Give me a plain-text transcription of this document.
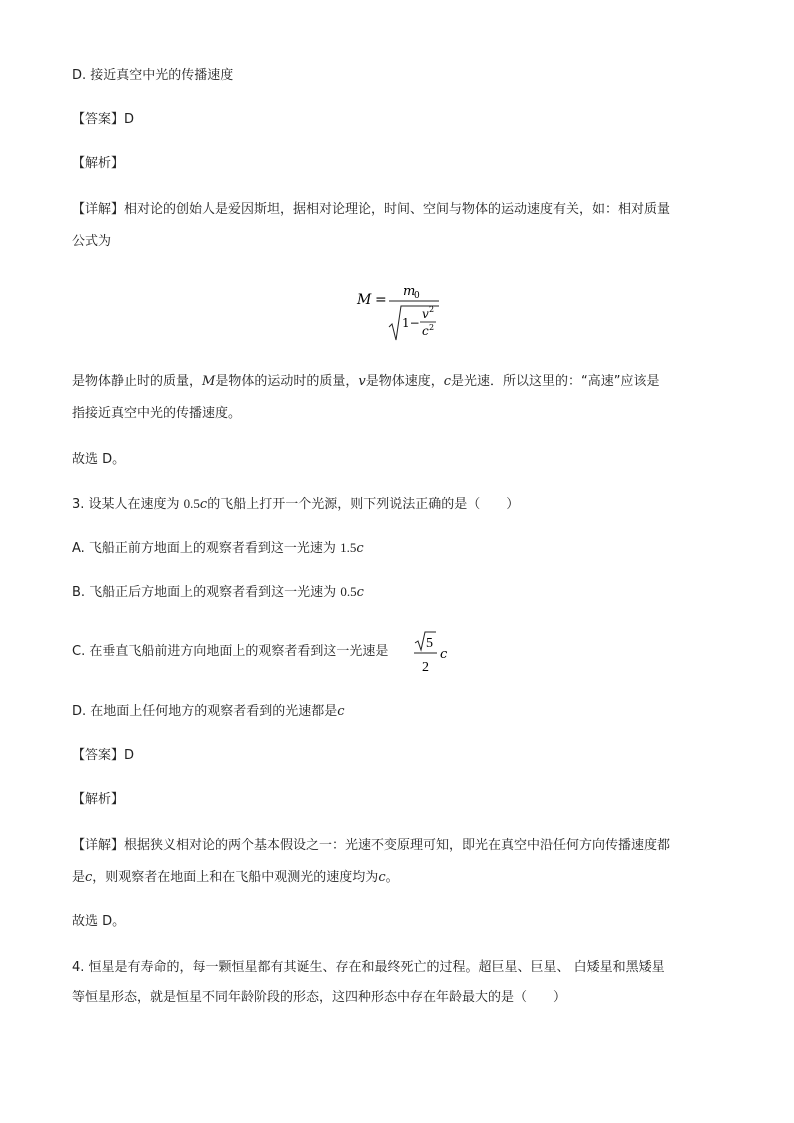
D. 接近真空中光的传播速度
【答案】D
【解析】
【详解】相对论的创始人是爱因斯坦，据相对论理论，时间、空间与物体的运动速度有关，如：相对质量
公式为
M =
m
0
1−
v 2
c 2
是物体静止时的质量，M是物体的运动时的质量，v是物体速度，c是光速．所以这里的：“高速”应该是
指接近真空中光的传播速度。
故选 D。
3. 设某人在速度为 0.5c的飞船上打开一个光源，则下列说法正确的是（　　）
A. 飞船正前方地面上的观察者看到这一光速为 1.5c
B. 飞船正后方地面上的观察者看到这一光速为 0.5c
C. 在垂直飞船前进方向地面上的观察者看到这一光速是
5
2
c
D. 在地面上任何地方的观察者看到的光速都是c
【答案】D
【解析】
【详解】根据狭义相对论的两个基本假设之一：光速不变原理可知，即光在真空中沿任何方向传播速度都
是c，则观察者在地面上和在飞船中观测光的速度均为c。
故选 D。
4. 恒星是有寿命的，每一颗恒星都有其诞生、存在和最终死亡的过程。超巨星、巨星、 白矮星和黑矮星
等恒星形态，就是恒星不同年龄阶段的形态，这四种形态中存在年龄最大的是（　　）
